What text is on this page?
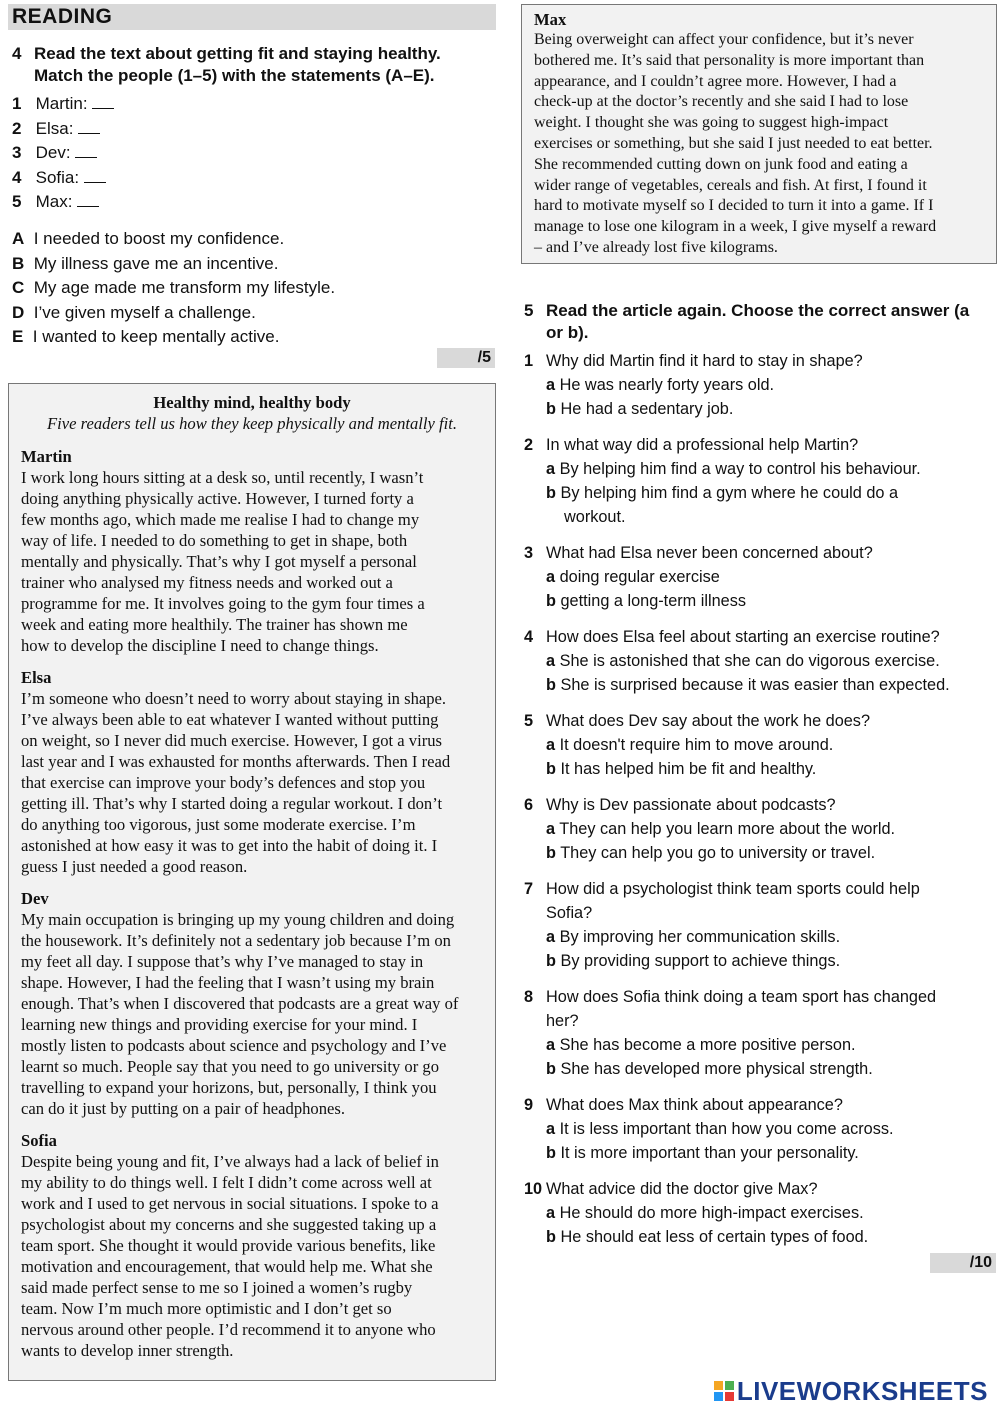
READING
4 Read the text about getting fit and staying healthy.
Match the people (1–5) with the statements (A–E).
1 Martin:
2 Elsa:
3 Dev:
4 Sofia:
5 Max:
A I needed to boost my confidence.
B My illness gave me an incentive.
C My age made me transform my lifestyle.
D I’ve given myself a challenge.
E I wanted to keep mentally active.
/5
Healthy mind, healthy body
Five readers tell us how they keep physically and mentally fit.
Martin
I work long hours sitting at a desk so, until recently, I wasn’t
doing anything physically active. However, I turned forty a
few months ago, which made me realise I had to change my
way of life. I needed to do something to get in shape, both
mentally and physically. That’s why I got myself a personal
trainer who analysed my fitness needs and worked out a
programme for me. It involves going to the gym four times a
week and eating more healthily. The trainer has shown me
how to develop the discipline I need to change things.
Elsa
I’m someone who doesn’t need to worry about staying in shape.
I’ve always been able to eat whatever I wanted without putting
on weight, so I never did much exercise. However, I got a virus
last year and I was exhausted for months afterwards. Then I read
that exercise can improve your body’s defences and stop you
getting ill. That’s why I started doing a regular workout. I don’t
do anything too vigorous, just some moderate exercise. I’m
astonished at how easy it was to get into the habit of doing it. I
guess I just needed a good reason.
Dev
My main occupation is bringing up my young children and doing
the housework. It’s definitely not a sedentary job because I’m on
my feet all day. I suppose that’s why I’ve managed to stay in
shape. However, I had the feeling that I wasn’t using my brain
enough. That’s when I discovered that podcasts are a great way of
learning new things and providing exercise for your mind. I
mostly listen to podcasts about science and psychology and I’ve
learnt so much. People say that you need to go university or go
travelling to expand your horizons, but, personally, I think you
can do it just by putting on a pair of headphones.
Sofia
Despite being young and fit, I’ve always had a lack of belief in
my ability to do things well. I felt I didn’t come across well at
work and I used to get nervous in social situations. I spoke to a
psychologist about my concerns and she suggested taking up a
team sport. She thought it would provide various benefits, like
motivation and encouragement, that would help me. What she
said made perfect sense to me so I joined a women’s rugby
team. Now I’m much more optimistic and I don’t get so
nervous around other people. I’d recommend it to anyone who
wants to develop inner strength.
Max
Being overweight can affect your confidence, but it’s never
bothered me. It’s said that personality is more important than
appearance, and I couldn’t agree more. However, I had a
check-up at the doctor’s recently and she said I had to lose
weight. I thought she was going to suggest high-impact
exercises or something, but she said I just needed to eat better.
She recommended cutting down on junk food and eating a
wider range of vegetables, cereals and fish. At first, I found it
hard to motivate myself so I decided to turn it into a game. If I
manage to lose one kilogram in a week, I give myself a reward
– and I’ve already lost five kilograms.
5 Read the article again. Choose the correct answer (a
or b).
1 Why did Martin find it hard to stay in shape?
a He was nearly forty years old.
b He had a sedentary job.
2 In what way did a professional help Martin?
a By helping him find a way to control his behaviour.
b By helping him find a gym where he could do a
workout.
3 What had Elsa never been concerned about?
a doing regular exercise
b getting a long-term illness
4 How does Elsa feel about starting an exercise routine?
a She is astonished that she can do vigorous exercise.
b She is surprised because it was easier than expected.
5 What does Dev say about the work he does?
a It doesn't require him to move around.
b It has helped him be fit and healthy.
6 Why is Dev passionate about podcasts?
a They can help you learn more about the world.
b They can help you go to university or travel.
7 How did a psychologist think team sports could help
Sofia?
a By improving her communication skills.
b By providing support to achieve things.
8 How does Sofia think doing a team sport has changed
her?
a She has become a more positive person.
b She has developed more physical strength.
9 What does Max think about appearance?
a It is less important than how you come across.
b It is more important than your personality.
10 What advice did the doctor give Max?
a He should do more high-impact exercises.
b He should eat less of certain types of food.
/10
LIVEWORKSHEETS
